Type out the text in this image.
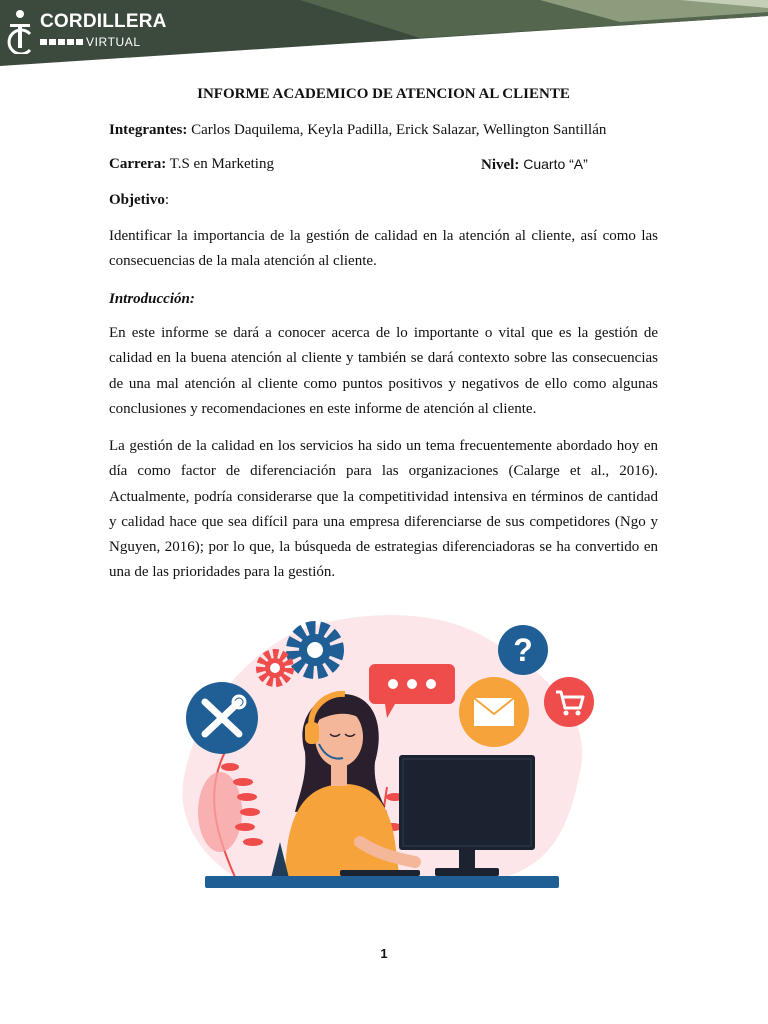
CORDILLERA
VIRTUAL
INFORME ACADEMICO DE ATENCION AL CLIENTE
Integrantes: Carlos Daquilema, Keyla Padilla, Erick Salazar, Wellington Santillán
Carrera: T.S en Marketing	Nivel: Cuarto “A”
Objetivo:

Identificar la importancia de la gestión de calidad en la atención al cliente, así como las consecuencias de la mala atención al cliente.

Introducción:

En este informe se dará a conocer acerca de lo importante o vital que es la gestión de calidad en la buena atención al cliente y también se dará contexto sobre las consecuencias de una mal atención al cliente como puntos positivos y negativos de ello como algunas conclusiones y recomendaciones en este informe de atención al cliente.

La gestión de la calidad en los servicios ha sido un tema frecuentemente abordado hoy en día como factor de diferenciación para las organizaciones (Calarge et al., 2016). Actualmente, podría considerarse que la competitividad intensiva en términos de cantidad y calidad hace que sea difícil para una empresa diferenciarse de sus competidores (Ngo y Nguyen, 2016); por lo que, la búsqueda de estrategias diferenciadoras se ha convertido en una de las prioridades para la gestión.

?
1
